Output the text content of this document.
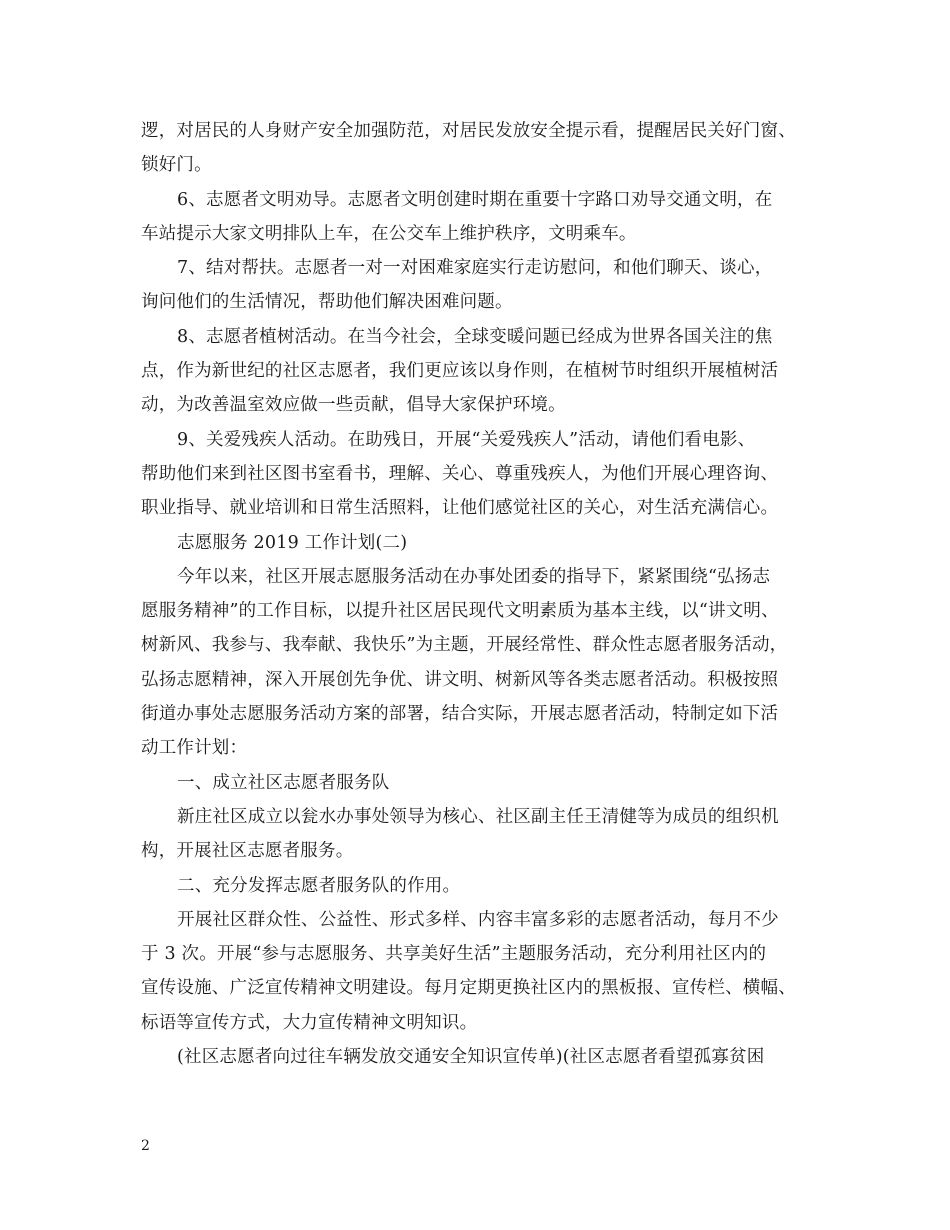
逻，对居民的人身财产安全加强防范，对居民发放安全提示看，提醒居民关好门窗、
锁好门。
6、志愿者文明劝导。志愿者文明创建时期在重要十字路口劝导交通文明，在
车站提示大家文明排队上车，在公交车上维护秩序，文明乘车。
7、结对帮扶。志愿者一对一对困难家庭实行走访慰问，和他们聊天、谈心，
询问他们的生活情况，帮助他们解决困难问题。
8、志愿者植树活动。在当今社会，全球变暖问题已经成为世界各国关注的焦
点，作为新世纪的社区志愿者，我们更应该以身作则，在植树节时组织开展植树活
动，为改善温室效应做一些贡献，倡导大家保护环境。
9、关爱残疾人活动。在助残日，开展“关爱残疾人”活动，请他们看电影、
帮助他们来到社区图书室看书，理解、关心、尊重残疾人，为他们开展心理咨询、
职业指导、就业培训和日常生活照料，让他们感觉社区的关心，对生活充满信心。
志愿服务 2019 工作计划(二)
今年以来，社区开展志愿服务活动在办事处团委的指导下，紧紧围绕“弘扬志
愿服务精神”的工作目标，以提升社区居民现代文明素质为基本主线，以“讲文明、
树新风、我参与、我奉献、我快乐”为主题，开展经常性、群众性志愿者服务活动，
弘扬志愿精神，深入开展创先争优、讲文明、树新风等各类志愿者活动。积极按照
街道办事处志愿服务活动方案的部署，结合实际，开展志愿者活动，特制定如下活
动工作计划：
一、成立社区志愿者服务队
新庄社区成立以瓮水办事处领导为核心、社区副主任王清健等为成员的组织机
构，开展社区志愿者服务。
二、充分发挥志愿者服务队的作用。
开展社区群众性、公益性、形式多样、内容丰富多彩的志愿者活动，每月不少
于 3 次。开展“参与志愿服务、共享美好生活”主题服务活动，充分利用社区内的
宣传设施、广泛宣传精神文明建设。每月定期更换社区内的黑板报、宣传栏、横幅、
标语等宣传方式，大力宣传精神文明知识。
(社区志愿者向过往车辆发放交通安全知识宣传单)(社区志愿者看望孤寡贫困
2
